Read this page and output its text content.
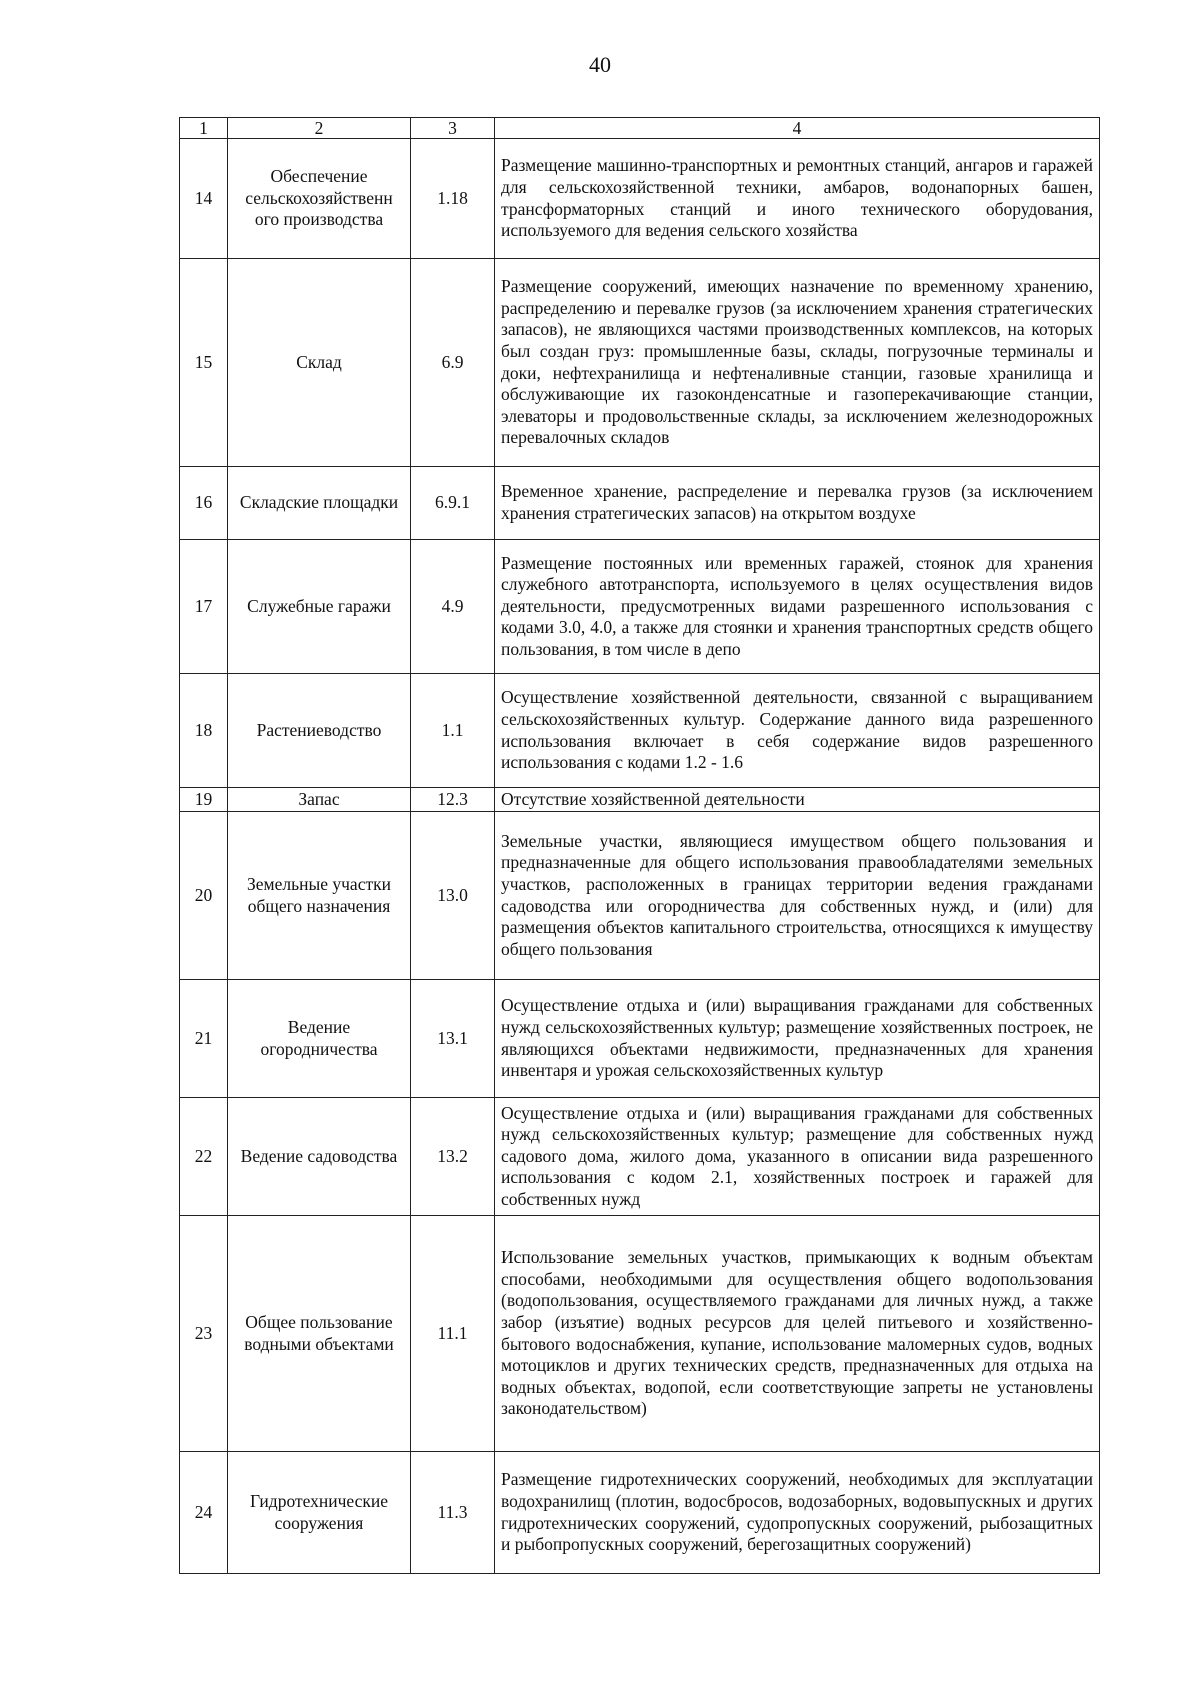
40
1	2	3	4
14	Обеспечение сельскохозяйственн ого производства	1.18	Размещение машинно-транспортных и ремонтных станций, ангаров и гаражей для сельскохозяйственной техники, амбаров, водонапорных башен, трансформаторных станций и иного технического оборудования, используемого для ведения сельского хозяйства
15	Склад	6.9	Размещение сооружений, имеющих назначение по временному хранению, распределению и перевалке грузов (за исключением хранения стратегических запасов), не являющихся частями производственных комплексов, на которых был создан груз: промышленные базы, склады, погрузочные терминалы и доки, нефтехранилища и нефтеналивные станции, газовые хранилища и обслуживающие их газоконденсатные и газоперекачивающие станции, элеваторы и продовольственные склады, за исключением железнодорожных перевалочных складов
16	Складские площадки	6.9.1	Временное хранение, распределение и перевалка грузов (за исключением хранения стратегических запасов) на открытом воздухе
17	Служебные гаражи	4.9	Размещение постоянных или временных гаражей, стоянок для хранения служебного автотранспорта, используемого в целях осуществления видов деятельности, предусмотренных видами разрешенного использования с кодами 3.0, 4.0, а также для стоянки и хранения транспортных средств общего пользования, в том числе в депо
18	Растениеводство	1.1	Осуществление хозяйственной деятельности, связанной с выращиванием сельскохозяйственных культур. Содержание данного вида разрешенного использования включает в себя содержание видов разрешенного использования с кодами 1.2 - 1.6
19	Запас	12.3	Отсутствие хозяйственной деятельности
20	Земельные участки общего назначения	13.0	Земельные участки, являющиеся имуществом общего пользования и предназначенные для общего использования правообладателями земельных участков, расположенных в границах территории ведения гражданами садоводства или огородничества для собственных нужд, и (или) для размещения объектов капитального строительства, относящихся к имуществу общего пользования
21	Ведение огородничества	13.1	Осуществление отдыха и (или) выращивания гражданами для собственных нужд сельскохозяйственных культур; размещение хозяйственных построек, не являющихся объектами недвижимости, предназначенных для хранения инвентаря и урожая сельскохозяйственных культур
22	Ведение садоводства	13.2	Осуществление отдыха и (или) выращивания гражданами для собственных нужд сельскохозяйственных культур; размещение для собственных нужд садового дома, жилого дома, указанного в описании вида разрешенного использования с кодом 2.1, хозяйственных построек и гаражей для собственных нужд
23	Общее пользование водными объектами	11.1	Использование земельных участков, примыкающих к водным объектам способами, необходимыми для осуществления общего водопользования (водопользования, осуществляемого гражданами для личных нужд, а также забор (изъятие) водных ресурсов для целей питьевого и хозяйственно-бытового водоснабжения, купание, использование маломерных судов, водных мотоциклов и других технических средств, предназначенных для отдыха на водных объектах, водопой, если соответствующие запреты не установлены законодательством)
24	Гидротехнические сооружения	11.3	Размещение гидротехнических сооружений, необходимых для эксплуатации водохранилищ (плотин, водосбросов, водозаборных, водовыпускных и других гидротехнических сооружений, судопропускных сооружений, рыбозащитных и рыбопропускных сооружений, берегозащитных сооружений)
